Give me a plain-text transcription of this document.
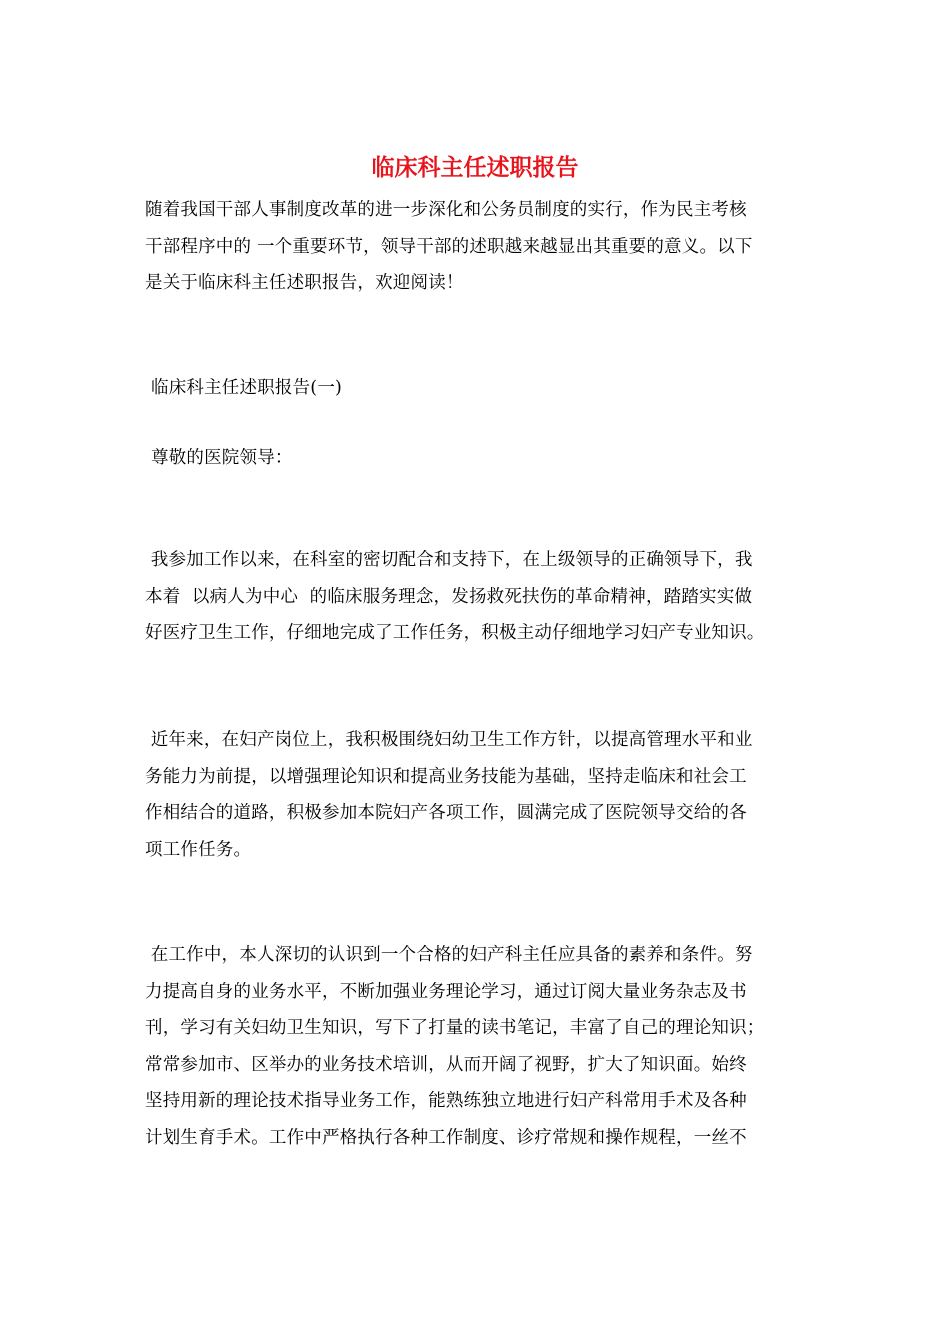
临床科主任述职报告

随着我国干部人事制度改革的进一步深化和公务员制度的实行，作为民主考核
干部程序中的 一个重要环节，领导干部的述职越来越显出其重要的意义。以下
是关于临床科主任述职报告，欢迎阅读！

临床科主任述职报告(一)

尊敬的医院领导：

我参加工作以来，在科室的密切配合和支持下，在上级领导的正确领导下，我
本着  以病人为中心  的临床服务理念，发扬救死扶伤的革命精神，踏踏实实做
好医疗卫生工作，仔细地完成了工作任务，积极主动仔细地学习妇产专业知识。

近年来，在妇产岗位上，我积极围绕妇幼卫生工作方针，以提高管理水平和业
务能力为前提，以增强理论知识和提高业务技能为基础，坚持走临床和社会工
作相结合的道路，积极参加本院妇产各项工作，圆满完成了医院领导交给的各
项工作任务。

在工作中，本人深切的认识到一个合格的妇产科主任应具备的素养和条件。努
力提高自身的业务水平，不断加强业务理论学习，通过订阅大量业务杂志及书
刊，学习有关妇幼卫生知识，写下了打量的读书笔记，丰富了自己的理论知识；
常常参加市、区举办的业务技术培训，从而开阔了视野，扩大了知识面。始终
坚持用新的理论技术指导业务工作，能熟练独立地进行妇产科常用手术及各种
计划生育手术。工作中严格执行各种工作制度、诊疗常规和操作规程，一丝不
